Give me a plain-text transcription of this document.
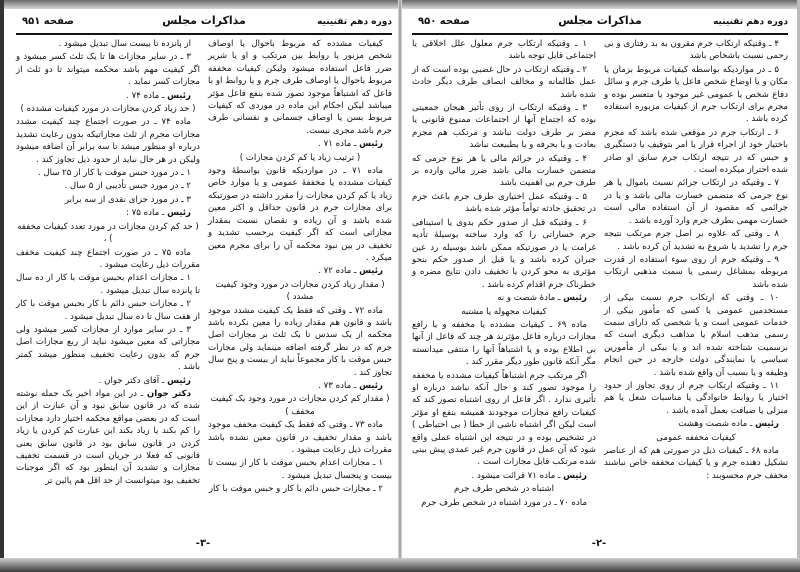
دوره دهم تقنینیه
مذاکرات مجلس
صفحه ۹۵۱

کیفیات مشدده که مربوط باحوال یا اوصاف شخص مزبور یا روابط بین مرتکب و او یا شریر ضرر فاعل استفاده میشود ولیکن کیفیات مخففه مربوط باحوال یا اوصاف طرف جرم و یا روابط او با فاعل که اشتباهاً موجود تصور شده بنفع فاعل مؤثر میباشد لیکن احکام این ماده در موردی که کیفیات مربوط بسن یا اوصاف جسمانی و نفسانی طرف جرم باشد مجری نیست.

رئیس ـ ماده ۷۱ .

( ترتیب زیاد یا کم کردن مجازات )

ماده ۷۱ ـ در مواردیکه قانون بواسطهٔ وجود کیفیات مشدده یا مخففهٔ عمومی و یا موارد خاص زیاد یا کم کردن مجازات را مقرر داشته در صورتیکه برای مجازات جرم در قانون حداقل و اکثر معین شده باشد و آن زیاده و نقصان نسبت بمقدار مجازاتی است که اگر کیفیت برحسب تشدید و تخفیف در بین نبود محکمه آن را برای مجرم معین میکرد .

رئیس ـ ماده ۷۲ .

( مقدار زیاد کردن مجازات در مورد وجود کیفیت مشدد )

ماده ۷۲ ـ وقتی که فقط یک کیفیت مشدد موجود باشد و قانون هم مقدار زیاده را معین نکرده باشد محکمه از یک سدس تا یک ثلث بر مجازات اصل جرم که در نظر گرفته اضافه مینماید ولی مجازات حبس موقت با کار مجموعاً نباید از بیست و پنج سال تجاوز کند .

رئیس ـ ماده ۷۳ .

( مقدار کم کردن مجازات در مورد وجود یک کیفیت مخفف )

ماده ۷۳ ـ وقتی که فقط یک کیفیت مخفف موجود باشد و مقدار تخفیف در قانون معین نشده باشد مقررات ذیل رعایت میشود .

۱ ـ مجازات اعدام بحبس موقت با کار از بیست تا بیست و پنجسال تبدیل میشود .

۲ ـ مجازات حبس دائم با کار و حبس موقت با کار

از پانزده تا بیست سال تبدیل میشود .

۳ ـ در سایر مجازات ها تا یک ثلث کسر میشود و اگر کیفیت مهم باشد محکمه میتواند تا دو ثلث از مجازات کسر نماید .

رئیس ـ ماده ۷۴ .

( حد زیاد کردن مجازات در مورد کیفیات مشدده )

ماده ۷۴ ـ در صورت اجتماع چند کیفیت مشدد مجازات مجرم از ثلث مجازاتیکه بدون رعایت تشدید درباره او منظور میشد تا سه برابر آن اضافه میشود ولیکن در هر حال نباید از حدود ذیل تجاوز کند .

۱ ـ در مورد حبس موقت با کار از ۲۵ سال .

۲ ـ در مورد حبس تأدیبی از ۵ سال .

۳ ـ در مورد جزای نقدی از سه برابر

رئیس ـ ماده ۷۵ :

( حد کم کردن مجازات در مورد تعدد کیفیات مخففه ) ،

ماده ۷۵ ـ در صورت اجتماع چند کیفیت مخفف مقررات ذیل رعایت میشود .

۱ ـ مجازات اعدام بحبس موقت با کار از ده سال تا پانزده سال تبدیل میشود .

۲ ـ مجازات حبس دائم با کار بحبس موقت با کار از هفت سال تا ده سال تبدیل میشود .

۳ ـ در سایر موارد از مجازات کسر میشود ولی مجازاتی که معین میشود نباید از ربع مجازات اصل جرم که بدون رعایت تخفیف منظور میشد کمتر باشد .

رئیس ـ آقای دکتر جوان .

دکتر جوان ـ در این مواد اخیر یک جمله نوشته شده که در قانون سابق نبود و آن عبارت از این است که در بعضی مواقع محکمه اختیار دارد مجازات را کم بکند یا زیاد بکند این عبارت کم کردن یا زیاد کردن در قانون سابق بود در قانون سابق یعنی قانونی که فعلا در جریان است در قسمت تخفیف مجازات و تشدید آن اینطور بود که اگر موجبات تخفیف بود میتوانست از حد اقل هم پائین تر

-۳-
دوره دهم تقنینیه
مذاکرات مجلس
صفحه ۹۵۰

۴ ـ وقتیکه ارتکاب جرم مقرون به بد رفتاری و بی رحمی نسبت باشخاص باشد

۵ ـ در مواردیکه بواسطه کیفیات مربوط بزمان یا مکان و یا اوضاع شخص فاعل یا طرف جرم و سائل دفاع شخص یا عمومی غیر موجود یا متعسر بوده و مجرم برای ارتکاب جرم از کیفیات مزبوره استفاده کرده باشد .

۶ ـ ارتکاب جرم در موقعی شده باشد که مجرم باختیار خود از اجراء قرار یا امر بتوقیف یا دستگیری و حبس که در نتیجه ارتکاب جرم سابق او صادر شده احتراز میکرده است .

۷ ـ وقتیکه در ارتکاب جرائم نسبت باموال یا هر نوع جرمی که متضمن خسارت مالی باشد و یا در جرائمی که مقصود از آن استفاده مالی است خسارت مهمی بطرف جرم وارد آورده باشد .

۸ ـ وقتی که علاوه بر اصل جرم مرتکب نتیجه جرم را تشدید یا شروع به تشدید آن کرده باشد .

۹ ـ وقتیکه جرم از روی سوء استفاده از قدرت مربوطه بمشاغل رسمی یا سمت مذهبی ارتکاب شده باشد

۱۰ ـ وقتی که ارتکاب جرم نسبت بیکی از مستخدمین عمومی یا کسی که مأمور بیکی از خدمات عمومی است و یا شخصی که دارای سمت رسمی مذهب اسلام یا مذاهب دیگری است که برسمیت شناخته شده اند و یا بیکی از مأمورین سیاسی یا نمایندگی دولت خارجه در حین انجام وظیفه و یا بسبب آن واقع شده باشد .

۱۱ ـ وقتیکه ارتکاب جرم از روی تجاوز از حدود اختیار یا روابط خانوادگی یا مناسبات شغل یا هم منزلی یا ضیافت بعمل آمده باشد .

رئیس ـ ماده شصت وهشت

کیفیات مخففه عمومی

ماده ۶۸ ـ کیفیات ذیل در صورتی هم که از عناصر تشکیل دهنده جرم و یا کیفیات مخففه خاص نباشند مخفف جرم محسوبند :

۱ ـ وقتیکه ارتکاب جرم معلول علل اخلاقی یا اجتماعی قابل توجه باشد

۲ ـ وقتیکه ارتکاب در حال غضبی بوده است که از عمل ظالمانه و مخالف انصاف طرف دیگر حادث شده باشد

۳ ـ وقتیکه ارتکاب از روی تأثیر هیجان جمعیتی بوده که اجتماع آنها از اجتماعات ممنوع قانونی یا مضر بر طرف دولت نباشد و مرتکب هم مجرم بعادت و یا بحرفه و یا بطبیعت نباشد

۴ ـ وقتیکه در جرائم مالی یا هر نوع جرمی که متضمن خسارت مالی باشد ضرر مالی وارده بر طرف جرم بی اهمیت باشد

۵ ـ وقتیکه عمل اختیاری طرف جرم باعث جرم در تحقیق حادثه توأماً مؤثر شده باشد

۶ ـ وقتیکه قبل از صدور حکم بدوی یا استینافی جرم خساراتی را که وارد ساخته بوسیلهٔ تأدیه غرامت یا در صورتیکه ممکن باشد بوسیله رد عین جبران کرده باشد و یا قبل از صدور حکم بنحو مؤثری به محو کردن یا تخفیف دادن نتایج مضره و خطرناک جرم اقدام کرده باشد .

رئیس ـ مادهٔ شصت و نه

کیفیات مجهوله یا مشتبه

ماده ۶۹ ـ کیفیات مشدده یا مخففه و یا رافع مجازات درباره فاعل مؤثرند هر چند که فاعل از آنها بی اطلاع بوده و یا اشتباهاً آنها را منتفی میدانسته مگر آنکه قانون طور دیگر مقرر کند .

اگر مرتکب جرم اشتباهاً کیفیات مشدده یا مخففه را موجود تصور کند و حال آنکه نباشد درباره او تأثیری ندارد . اگر فاعل از روی اشتباه تصور کند که کیفیات رافع مجازات موجودند همیشه بنفع او مؤثر است لیکن اگر اشتباه ناشی از خطا ( بی احتیاطی ) در تشخیص بوده و در نتیجه این اشتباه عملی واقع شود که آن عمل در قانون جرم غیر عمدی پیش بینی شده مرتکب قابل مجازات است .

رئیس ـ ماده ۷۱ قرائت میشود .

اشتباه در شخص طرف جرم

ماده ۷۰ ـ در مورد اشتباه در شخص طرف جرم

-۲-
